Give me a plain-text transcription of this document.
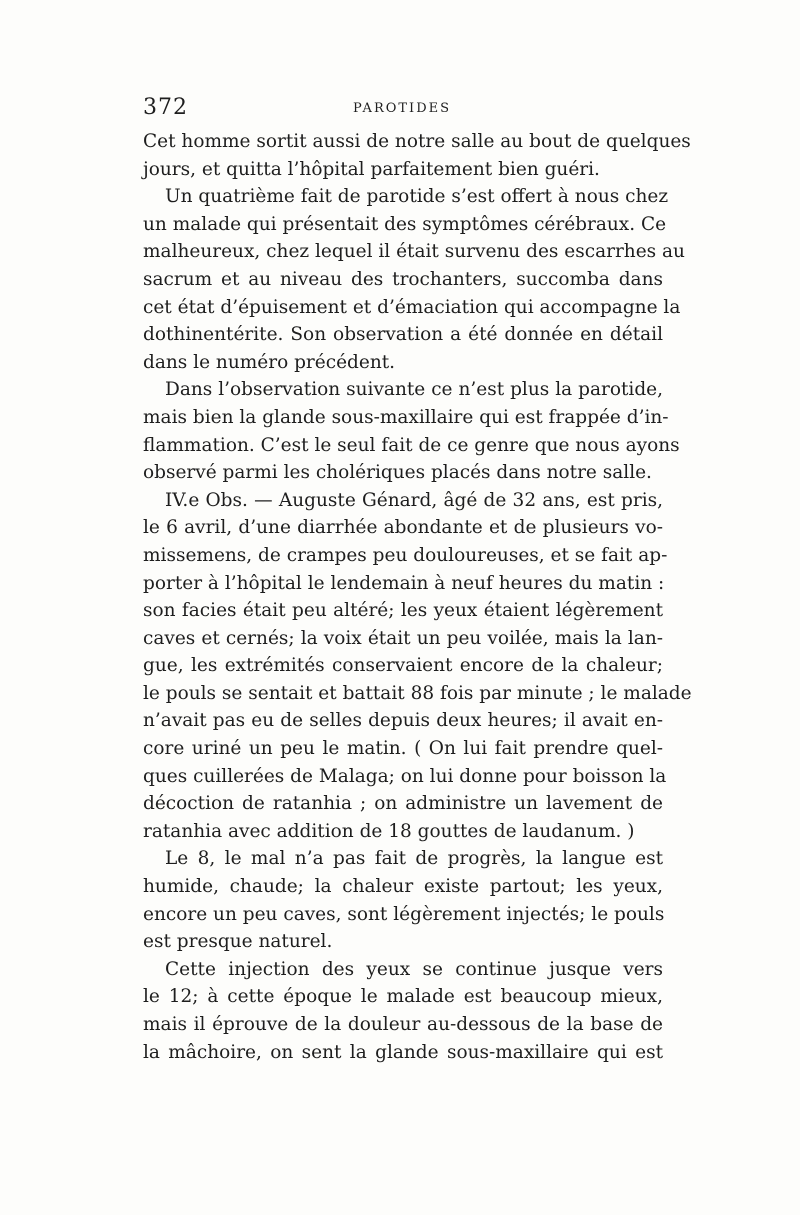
372	PAROTIDES
Cet homme sortit aussi de notre salle au bout de quelques
jours, et quitta l’hôpital parfaitement bien guéri.
Un quatrième fait de parotide s’est offert à nous chez
un malade qui présentait des symptômes cérébraux. Ce
malheureux, chez lequel il était survenu des escarrhes au
sacrum et au niveau des trochanters, succomba dans
cet état d’épuisement et d’émaciation qui accompagne la
dothinentérite. Son observation a été donnée en détail
dans le numéro précédent.
Dans l’observation suivante ce n’est plus la parotide,
mais bien la glande sous-maxillaire qui est frappée d’in-
flammation. C’est le seul fait de ce genre que nous ayons
observé parmi les cholériques placés dans notre salle.
IV.e Obs. — Auguste Génard, âgé de 32 ans, est pris,
le 6 avril, d’une diarrhée abondante et de plusieurs vo-
missemens, de crampes peu douloureuses, et se fait ap-
porter à l’hôpital le lendemain à neuf heures du matin :
son facies était peu altéré; les yeux étaient légèrement
caves et cernés; la voix était un peu voilée, mais la lan-
gue, les extrémités conservaient encore de la chaleur;
le pouls se sentait et battait 88 fois par minute ; le malade
n’avait pas eu de selles depuis deux heures; il avait en-
core uriné un peu le matin. ( On lui fait prendre quel-
ques cuillerées de Malaga; on lui donne pour boisson la
décoction de ratanhia ; on administre un lavement de
ratanhia avec addition de 18 gouttes de laudanum. )
Le 8, le mal n’a pas fait de progrès, la langue est
humide, chaude; la chaleur existe partout; les yeux,
encore un peu caves, sont légèrement injectés; le pouls
est presque naturel.
Cette injection des yeux se continue jusque vers
le 12; à cette époque le malade est beaucoup mieux,
mais il éprouve de la douleur au-dessous de la base de
la mâchoire, on sent la glande sous-maxillaire qui est
